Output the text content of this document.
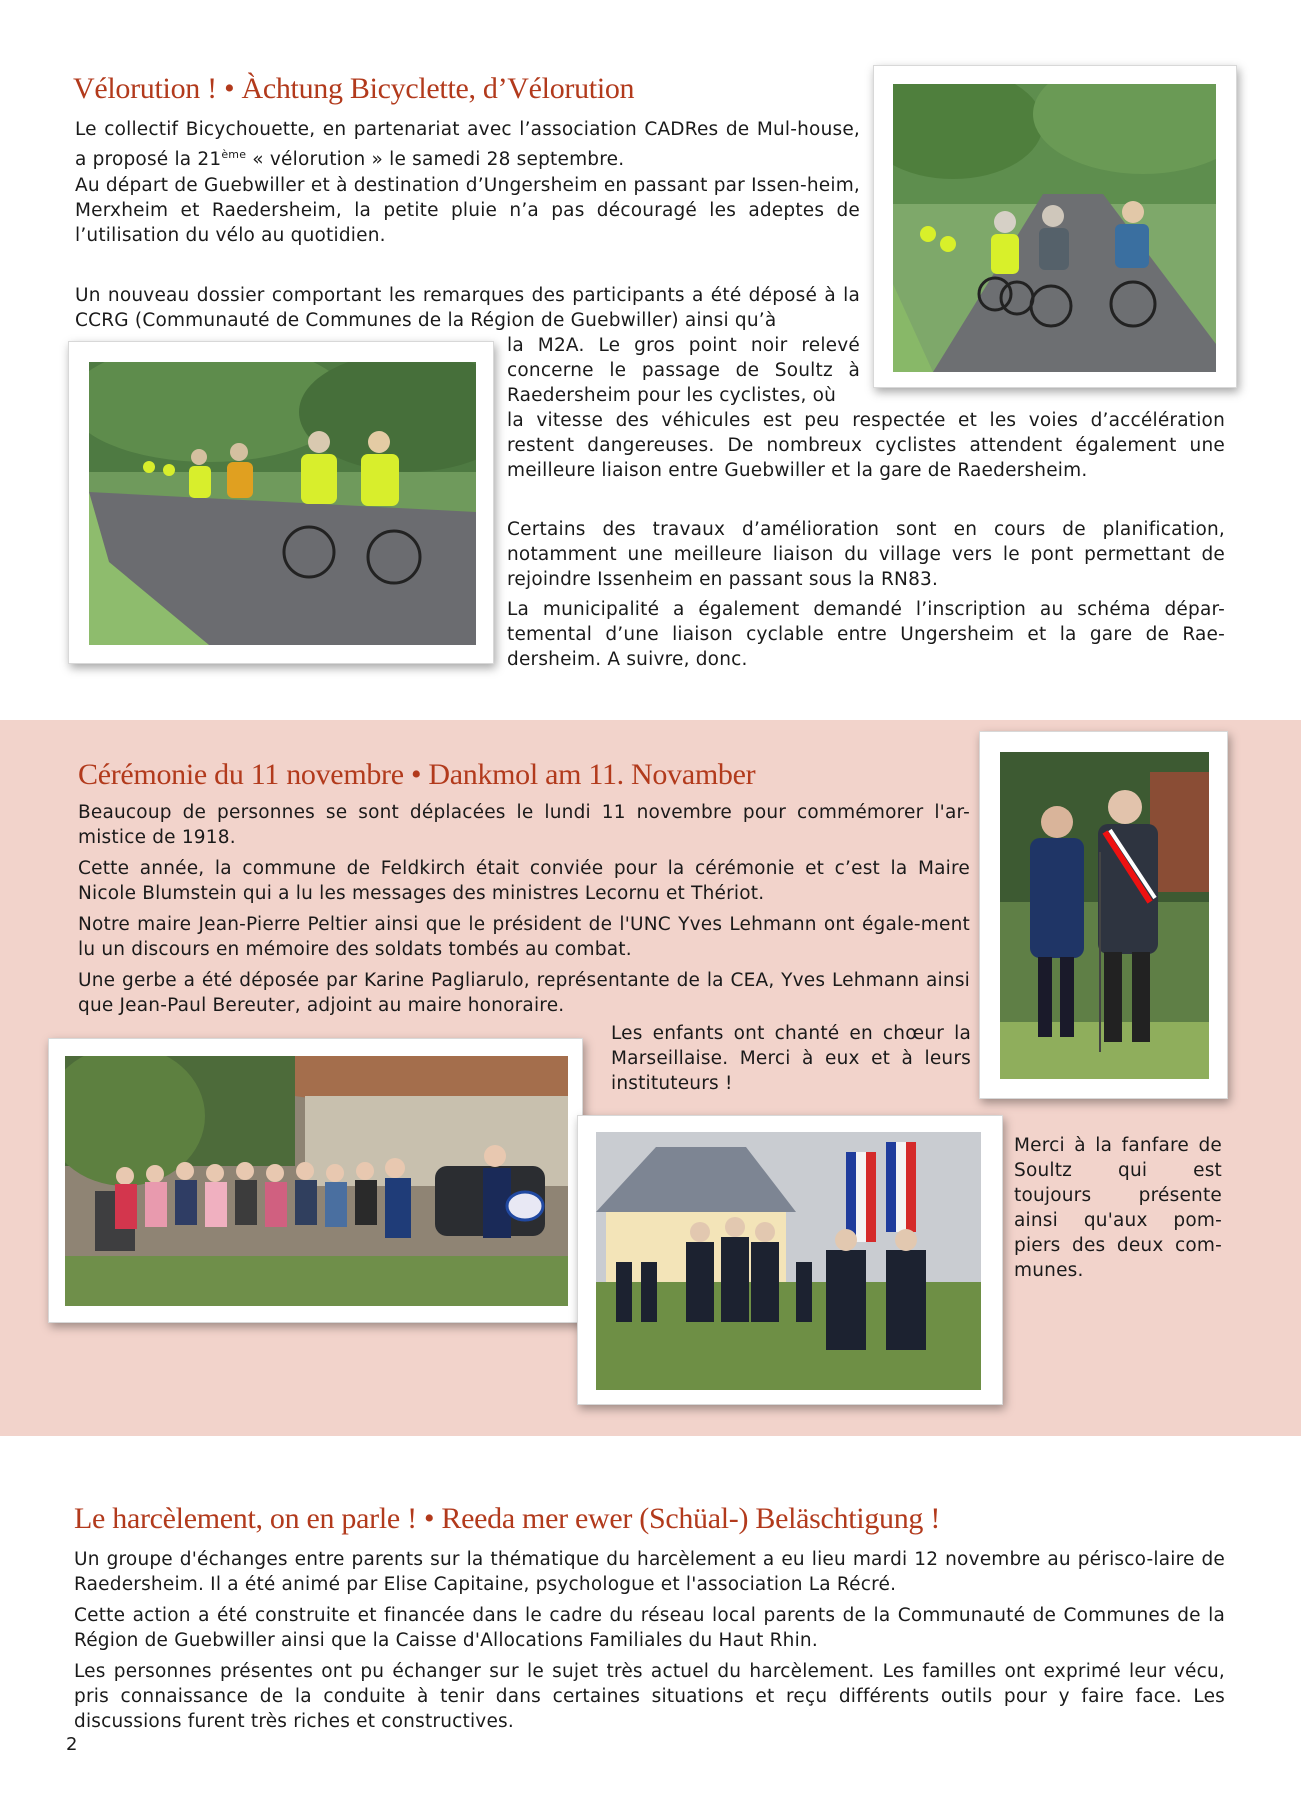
Vélorution ! • Àchtung Bicyclette, d’Vélorution

Le collectif Bicychouette, en partenariat avec l’association CADRes de Mul-house, a proposé la 21ème « vélorution » le samedi 28 septembre.

Au départ de Guebwiller et à destination d’Ungersheim en passant par Issen-heim, Merxheim et Raedersheim, la petite pluie n’a pas découragé les adeptes de l’utilisation du vélo au quotidien.

Un nouveau dossier comportant les remarques des participants a été déposé à la CCRG (Communauté de Communes de la Région de Guebwiller) ainsi qu’à

la M2A. Le gros point noir relevé concerne le passage de Soultz à Raedersheim pour les cyclistes, où

la vitesse des véhicules est peu respectée et les voies d’accélération restent dangereuses. De nombreux cyclistes attendent également une meilleure liaison entre Guebwiller et la gare de Raedersheim.

Certains des travaux d’amélioration sont en cours de planification, notamment une meilleure liaison du village vers le pont permettant de rejoindre Issenheim en passant sous la RN83.

La municipalité a également demandé l’inscription au schéma dépar-temental d’une liaison cyclable entre Ungersheim et la gare de Rae-dersheim. A suivre, donc.

Cérémonie du 11 novembre • Dankmol am 11. Novamber

Beaucoup de personnes se sont déplacées le lundi 11 novembre pour commémorer l'ar-mistice de 1918.

Cette année, la commune de Feldkirch était conviée pour la cérémonie et c’est la Maire Nicole Blumstein qui a lu les messages des ministres Lecornu et Thériot.

Notre maire Jean-Pierre Peltier ainsi que le président de l'UNC Yves Lehmann ont égale-ment lu un discours en mémoire des soldats tombés au combat.

Une gerbe a été déposée par Karine Pagliarulo, représentante de la CEA, Yves Lehmann ainsi que Jean-Paul Bereuter, adjoint au maire honoraire.

Les enfants ont chanté en chœur la Marseillaise. Merci à eux et à leurs instituteurs !

Merci à la fanfare de Soultz qui est toujours présente ainsi qu'aux pom-piers des deux com-munes.

Le harcèlement, on en parle ! • Reeda mer ewer (Schüal-) Beläschtigung !

Un groupe d'échanges entre parents sur la thématique du harcèlement a eu lieu mardi 12 novembre au périsco-laire de Raedersheim. Il a été animé par Elise Capitaine, psychologue et l'association La Récré.

Cette action a été construite et financée dans le cadre du réseau local parents de la Communauté de Communes de la Région de Guebwiller ainsi que la Caisse d'Allocations Familiales du Haut Rhin.

Les personnes présentes ont pu échanger sur le sujet très actuel du harcèlement. Les familles ont exprimé leur vécu, pris connaissance de la conduite à tenir dans certaines situations et reçu différents outils pour y faire face. Les discussions furent très riches et constructives.

2
